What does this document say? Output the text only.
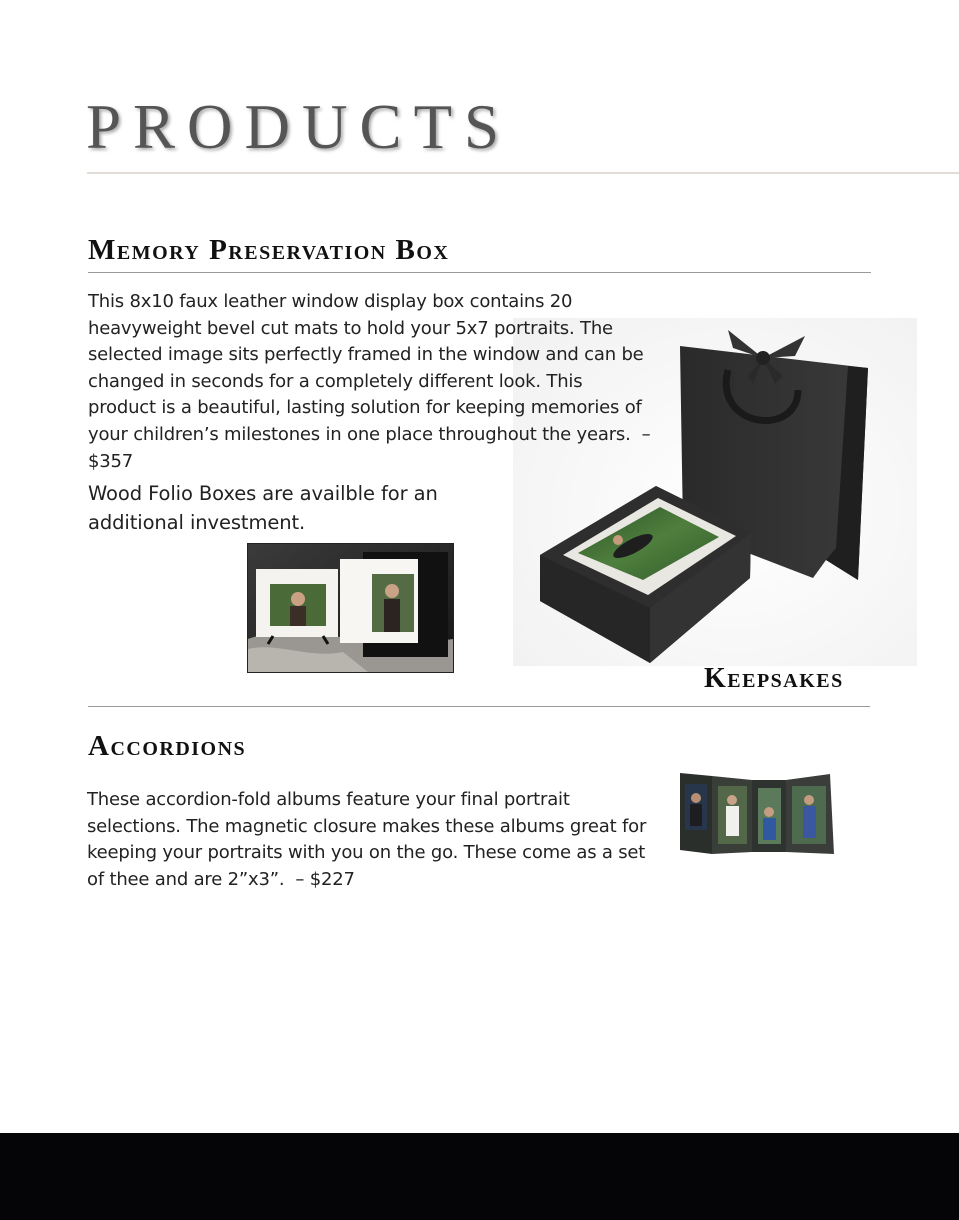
PRODUCTS
Memory Preservation Box

This 8x10 faux leather window display box contains 20 heavyweight bevel cut mats to hold your 5x7 portraits. The selected image sits perfectly framed in the window and can be changed in seconds for a completely different look. This product is a beautiful, lasting solution for keeping memories of your children’s milestones in one place throughout the years. – $357

Wood Folio Boxes are availble for an additional investment.

Keepsakes
Accordions

These accordion-fold albums feature your final portrait selections. The magnetic closure makes these albums great for keeping your portraits with you on the go. These come as a set of thee and are 2”x3”. – $227
